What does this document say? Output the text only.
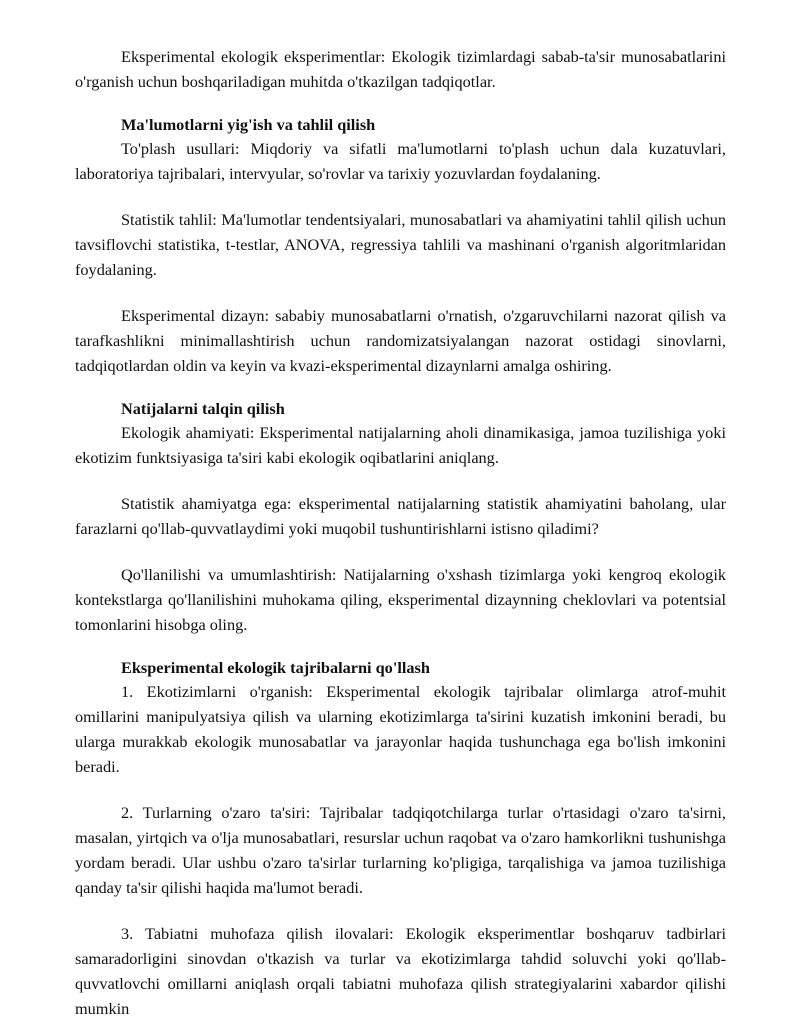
Eksperimental ekologik eksperimentlar: Ekologik tizimlardagi sabab-ta'sir munosabatlarini o'rganish uchun boshqariladigan muhitda o'tkazilgan tadqiqotlar.

Ma'lumotlarni yig'ish va tahlil qilish

To'plash usullari: Miqdoriy va sifatli ma'lumotlarni to'plash uchun dala kuzatuvlari, laboratoriya tajribalari, intervyular, so'rovlar va tarixiy yozuvlardan foydalaning.

Statistik tahlil: Ma'lumotlar tendentsiyalari, munosabatlari va ahamiyatini tahlil qilish uchun tavsiflovchi statistika, t-testlar, ANOVA, regressiya tahlili va mashinani o'rganish algoritmlaridan foydalaning.

Eksperimental dizayn: sababiy munosabatlarni o'rnatish, o'zgaruvchilarni nazorat qilish va tarafkashlikni minimallashtirish uchun randomizatsiyalangan nazorat ostidagi sinovlarni, tadqiqotlardan oldin va keyin va kvazi-eksperimental dizaynlarni amalga oshiring.

Natijalarni talqin qilish

Ekologik ahamiyati: Eksperimental natijalarning aholi dinamikasiga, jamoa tuzilishiga yoki ekotizim funktsiyasiga ta'siri kabi ekologik oqibatlarini aniqlang.

Statistik ahamiyatga ega: eksperimental natijalarning statistik ahamiyatini baholang, ular farazlarni qo'llab-quvvatlaydimi yoki muqobil tushuntirishlarni istisno qiladimi?

Qo'llanilishi va umumlashtirish: Natijalarning o'xshash tizimlarga yoki kengroq ekologik kontekstlarga qo'llanilishini muhokama qiling, eksperimental dizaynning cheklovlari va potentsial tomonlarini hisobga oling.

Eksperimental ekologik tajribalarni qo'llash

1. Ekotizimlarni o'rganish: Eksperimental ekologik tajribalar olimlarga atrof-muhit omillarini manipulyatsiya qilish va ularning ekotizimlarga ta'sirini kuzatish imkonini beradi, bu ularga murakkab ekologik munosabatlar va jarayonlar haqida tushunchaga ega bo'lish imkonini beradi.

2. Turlarning o'zaro ta'siri: Tajribalar tadqiqotchilarga turlar o'rtasidagi o'zaro ta'sirni, masalan, yirtqich va o'lja munosabatlari, resurslar uchun raqobat va o'zaro hamkorlikni tushunishga yordam beradi. Ular ushbu o'zaro ta'sirlar turlarning ko'pligiga, tarqalishiga va jamoa tuzilishiga qanday ta'sir qilishi haqida ma'lumot beradi.

3. Tabiatni muhofaza qilish ilovalari: Ekologik eksperimentlar boshqaruv tadbirlari samaradorligini sinovdan o'tkazish va turlar va ekotizimlarga tahdid soluvchi yoki qo'llab-quvvatlovchi omillarni aniqlash orqali tabiatni muhofaza qilish strategiyalarini xabardor qilishi mumkin
